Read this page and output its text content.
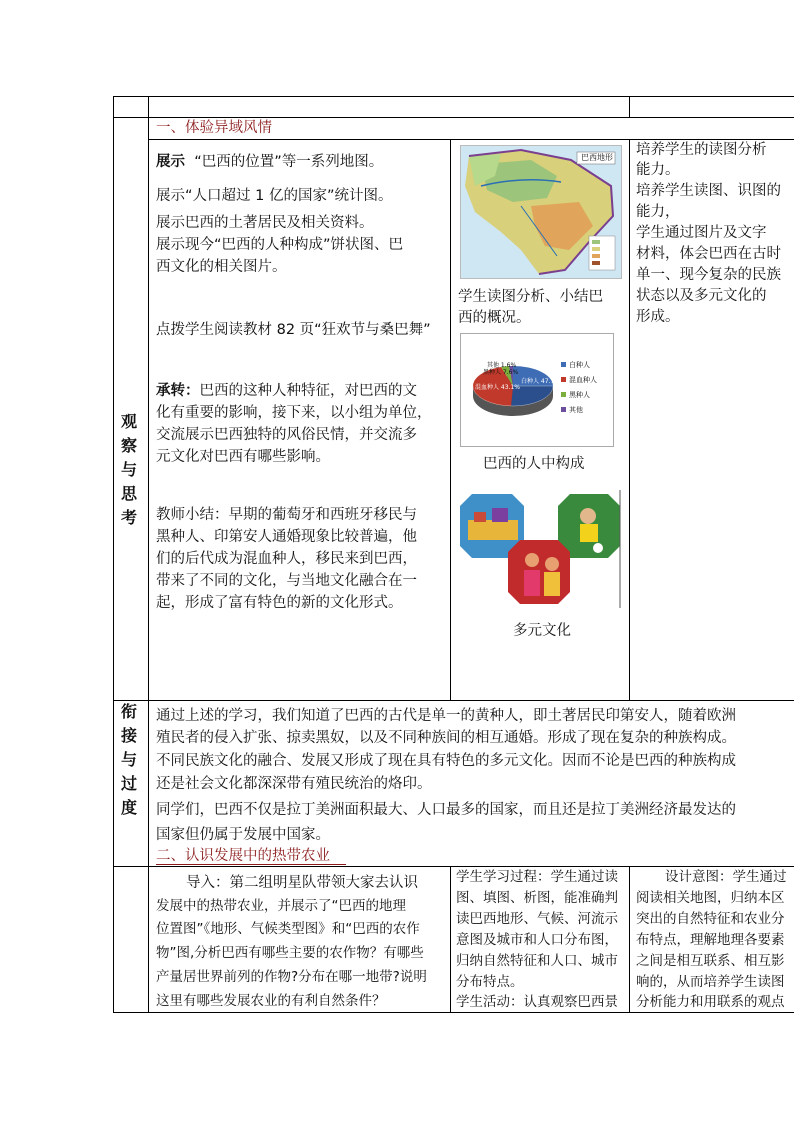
一、体验异域风情
观
察
与
思
考
展示  “巴西的位置”等一系列地图。
展示“人口超过 1 亿的国家”统计图。
展示巴西的土著居民及相关资料。
展示现今“巴西的人种构成”饼状图、巴
西文化的相关图片。
点拨学生阅读教材 82 页“狂欢节与桑巴舞”
承转：巴西的这种人种特征，对巴西的文
化有重要的影响，接下来，以小组为单位，
交流展示巴西独特的风俗民情，并交流多
元文化对巴西有哪些影响。
教师小结：早期的葡萄牙和西班牙移民与
黑种人、印第安人通婚现象比较普遍，他
们的后代成为混血种人，移民来到巴西，
带来了不同的文化，与当地文化融合在一
起，形成了富有特色的新的文化形式。
巴西地形
学生读图分析、小结巴
西的概况。
其他 1.6%
黑种人 7.6%
混血种人 43.1%
白种人 47.7%
白种人
混血种人
黑种人
其他
巴西的人中构成
多元文化
培养学生的读图分析
能力。
培养学生读图、识图的
能力，
学生通过图片及文字
材料，体会巴西在古时
单一、现今复杂的民族
状态以及多元文化的
形成。
衔
接
与
过
度
通过上述的学习，我们知道了巴西的古代是单一的黄种人，即土著居民印第安人，随着欧洲
殖民者的侵入扩张、掠卖黑奴，以及不同种族间的相互通婚。形成了现在复杂的种族构成。
不同民族文化的融合、发展又形成了现在具有特色的多元文化。因而不论是巴西的种族构成
还是社会文化都深深带有殖民统治的烙印。
同学们，巴西不仅是拉丁美洲面积最大、人口最多的国家，而且还是拉丁美洲经济最发达的
国家但仍属于发展中国家。
二、认识发展中的热带农业
导入：第二组明星队带领大家去认识
发展中的热带农业，并展示了“巴西的地理
位置图”《地形、气候类型图》和“巴西的农作
物”图,分析巴西有哪些主要的农作物？有哪些
产量居世界前列的作物?分布在哪一地带?说明
这里有哪些发展农业的有利自然条件？
学生学习过程：学生通过读
图、填图、析图，能准确判
读巴西地形、气候、河流示
意图及城市和人口分布图，
归纳自然特征和人口、城市
分布特点。
学生活动：认真观察巴西景
设计意图：学生通过
阅读相关地图，归纳本区
突出的自然特征和农业分
布特点，理解地理各要素
之间是相互联系、相互影
响的，从而培养学生读图
分析能力和用联系的观点
